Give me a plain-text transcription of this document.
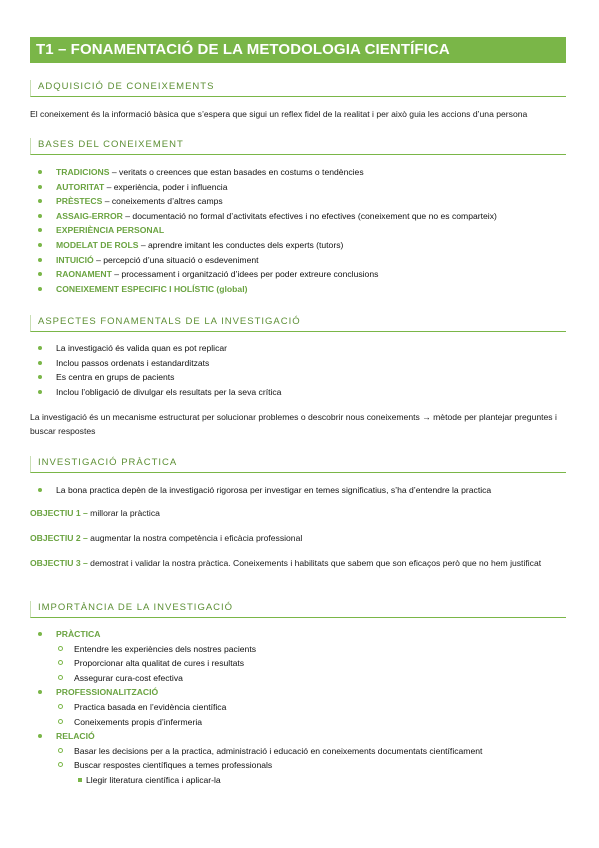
T1 – FONAMENTACIÓ DE LA METODOLOGIA CIENTÍFICA
ADQUISICIÓ DE CONEIXEMENTS
El coneixement és la informació bàsica que s’espera que sigui un reflex fidel de la realitat i per això guia les accions d’una persona
BASES DEL CONEIXEMENT
TRADICIONS – veritats o creences que estan basades en costums o tendències
AUTORITAT – experiència, poder i influencia
PRÈSTECS – coneixements d’altres camps
ASSAIG-ERROR – documentació no formal d’activitats efectives i no efectives (coneixement que no es comparteix)
EXPERIÈNCIA PERSONAL
MODELAT DE ROLS – aprendre imitant les conductes dels experts (tutors)
INTUICIÓ – percepció d’una situació o esdeveniment
RAONAMENT – processament i organització d’idees per poder extreure conclusions
CONEIXEMENT ESPECIFIC I HOLÍSTIC (global)
ASPECTES FONAMENTALS DE LA INVESTIGACIÓ
La investigació és valida quan es pot replicar
Inclou passos ordenats i estandarditzats
Es centra en grups de pacients
Inclou l’obligació de divulgar els resultats per la seva crítica
La investigació és un mecanisme estructurat per solucionar problemes o descobrir nous coneixements → mètode per plantejar preguntes i buscar respostes
INVESTIGACIÓ PRÀCTICA
La bona practica depèn de la investigació rigorosa per investigar en temes significatius, s’ha d’entendre la practica
OBJECTIU 1 – millorar la pràctica
OBJECTIU 2 – augmentar la nostra competència i eficàcia professional
OBJECTIU 3 – demostrat i validar la nostra pràctica. Coneixements i habilitats que sabem que son eficaços però que no hem justificat
IMPORTÀNCIA DE LA INVESTIGACIÓ
PRÀCTICA
Entendre les experiències dels nostres pacients
Proporcionar alta qualitat de cures i resultats
Assegurar cura-cost efectiva
PROFESSIONALITZACIÓ
Practica basada en l’evidència científica
Coneixements propis d’infermeria
RELACIÓ
Basar les decisions per a la practica, administració i educació en coneixements documentats científicament
Buscar respostes científiques a temes professionals
Llegir literatura científica i aplicar-la
